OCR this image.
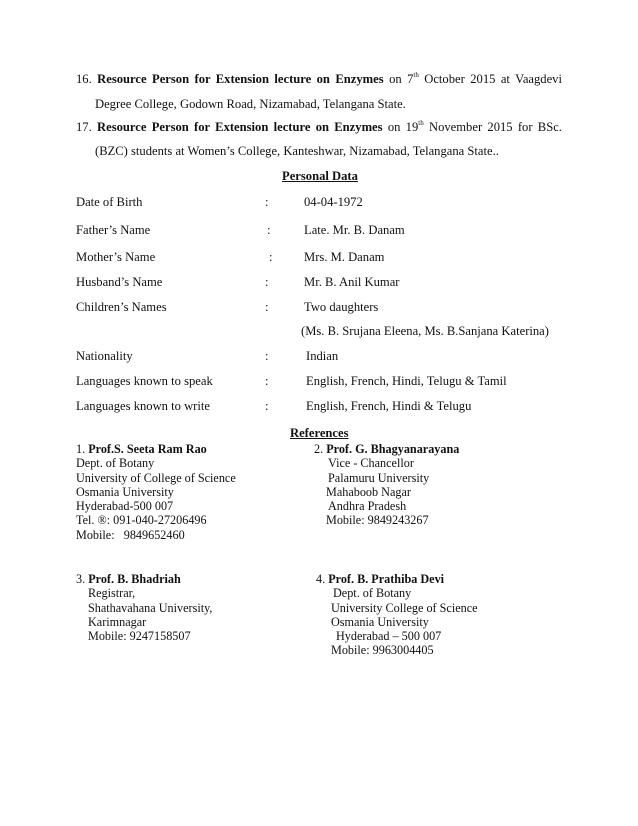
16. Resource Person for Extension lecture on Enzymes on 7th October 2015 at Vaagdevi
Degree College, Godown Road, Nizamabad, Telangana State.
17. Resource Person for Extension lecture on Enzymes on 19th November 2015 for BSc.
(BZC) students at Women’s College, Kanteshwar, Nizamabad, Telangana State..
Personal Data
Date of Birth	:	04-04-1972
Father’s Name	:	Late. Mr. B. Danam
Mother’s Name	:	Mrs. M. Danam
Husband’s Name	:	Mr. B. Anil Kumar
Children’s Names	:	Two daughters
(Ms. B. Srujana Eleena, Ms. B.Sanjana Katerina)
Nationality	:	Indian
Languages known to speak	:	English, French, Hindi, Telugu & Tamil
Languages known to write	:	English, French, Hindi & Telugu
References
1. Prof.S. Seeta Ram Rao
Dept. of Botany
University of College of Science
Osmania University
Hyderabad-500 007
Tel. ®: 091-040-27206496
Mobile:   9849652460
2. Prof. G. Bhagyanarayana
Vice - Chancellor
Palamuru University
Mahaboob Nagar
Andhra Pradesh
Mobile: 9849243267
3. Prof. B. Bhadriah
Registrar,
Shathavahana University,
Karimnagar
Mobile: 9247158507
4. Prof. B. Prathiba Devi
Dept. of Botany
University College of Science
Osmania University
Hyderabad – 500 007
Mobile: 9963004405
